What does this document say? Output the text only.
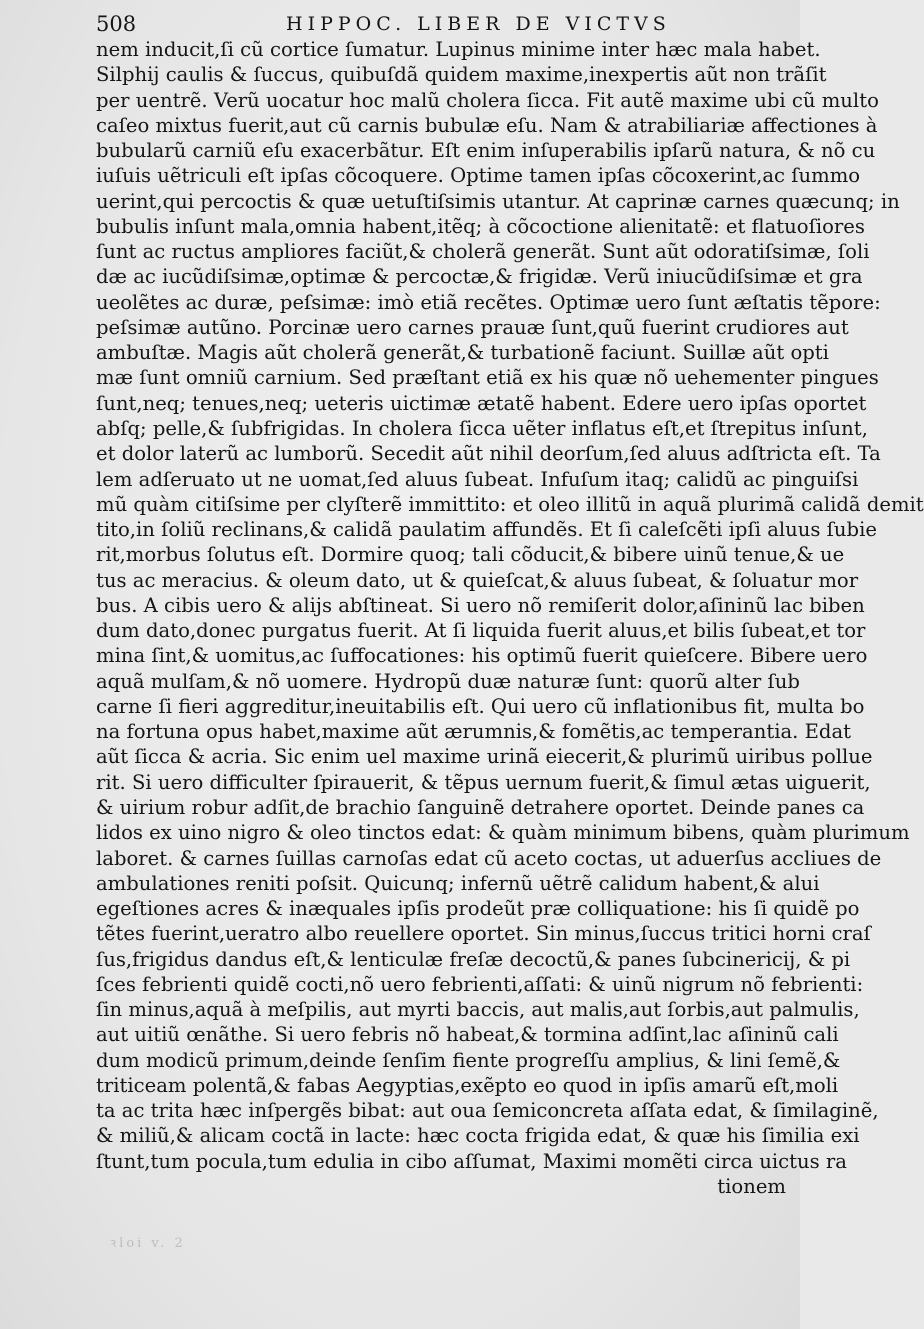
508	HIPPOC. LIBER DE VICTVS
nem inducit,ſi cũ cortice ſumatur. Lupinus minime inter hæc mala habet.
Silphij caulis & ſuccus, quibuſdã quidem maxime,inexpertis aũt non trãſit
per uentrẽ. Verũ uocatur hoc malũ cholera ſicca. Fit autẽ maxime ubi cũ multo
caſeo mixtus fuerit,aut cũ carnis bubulæ eſu. Nam & atrabiliariæ affectiones à
bubularũ carniũ eſu exacerbãtur. Eſt enim inſuperabilis ipſarũ natura, & nõ cu
iuſuis uẽtriculi eſt ipſas cõcoquere. Optime tamen ipſas cõcoxerint,ac ſummo
uerint,qui percoctis & quæ uetuſtiſsimis utantur. At caprinæ carnes quæcunq; in
bubulis inſunt mala,omnia habent,itẽq; à cõcoctione alienitatẽ: et flatuoſiores
ſunt ac ructus ampliores faciũt,& cholerã generãt. Sunt aũt odoratiſsimæ, ſoli
dæ ac iucũdiſsimæ,optimæ & percoctæ,& frigidæ. Verũ iniucũdiſsimæ et gra
ueolẽtes ac duræ, peſsimæ: imò etiã recẽtes. Optimæ uero ſunt æſtatis tẽpore:
peſsimæ autũno. Porcinæ uero carnes prauæ ſunt,quũ fuerint crudiores aut
ambuſtæ. Magis aũt cholerã generãt,& turbationẽ faciunt. Suillæ aũt opti
mæ ſunt omniũ carnium. Sed præſtant etiã ex his quæ nõ uehementer pingues
ſunt,neq; tenues,neq; ueteris uictimæ ætatẽ habent. Edere uero ipſas oportet
abſq; pelle,& ſubfrigidas. In cholera ſicca uẽter inflatus eſt,et ſtrepitus inſunt,
et dolor laterũ ac lumborũ. Secedit aũt nihil deorſum,ſed aluus adſtricta eſt. Ta
lem adſeruato ut ne uomat,ſed aluus ſubeat. Infuſum itaq; calidũ ac pinguiſsi
mũ quàm citiſsime per clyſterẽ immittito: et oleo illitũ in aquã plurimã calidã demit
tito,in ſoliũ reclinans,& calidã paulatim affundẽs. Et ſi caleſcẽti ipſi aluus ſubie
rit,morbus ſolutus eſt. Dormire quoq; tali cõducit,& bibere uinũ tenue,& ue
tus ac meracius. & oleum dato, ut & quieſcat,& aluus ſubeat, & ſoluatur mor
bus. A cibis uero & alijs abſtineat. Si uero nõ remiſerit dolor,aſininũ lac biben
dum dato,donec purgatus fuerit. At ſi liquida fuerit aluus,et bilis ſubeat,et tor
mina ſint,& uomitus,ac ſuffocationes: his optimũ fuerit quieſcere. Bibere uero
aquã mulſam,& nõ uomere. Hydropũ duæ naturæ ſunt: quorũ alter ſub
carne ſi fieri aggreditur,ineuitabilis eſt. Qui uero cũ inflationibus fit, multa bo
na fortuna opus habet,maxime aũt ærumnis,& fomẽtis,ac temperantia. Edat
aũt ſicca & acria. Sic enim uel maxime urinã eiecerit,& plurimũ uiribus pollue
rit. Si uero difficulter ſpirauerit, & tẽpus uernum fuerit,& ſimul ætas uiguerit,
& uirium robur adſit,de brachio ſanguinẽ detrahere oportet. Deinde panes ca
lidos ex uino nigro & oleo tinctos edat: & quàm minimum bibens, quàm plurimum
laboret. & carnes ſuillas carnoſas edat cũ aceto coctas, ut aduerſus accliues de
ambulationes reniti poſsit. Quicunq; infernũ uẽtrẽ calidum habent,& alui
egeſtiones acres & inæquales ipſis prodeũt præ colliquatione: his ſi quidẽ po
tẽtes fuerint,ueratro albo reuellere oportet. Sin minus,ſuccus tritici horni craſ
ſus,frigidus dandus eſt,& lenticulæ freſæ decoctũ,& panes ſubcinericij, & pi
ſces febrienti quidẽ cocti,nõ uero febrienti,aſſati: & uinũ nigrum nõ febrienti:
ſin minus,aquã à meſpilis, aut myrti baccis, aut malis,aut ſorbis,aut palmulis,
aut uitiũ œnãthe. Si uero febris nõ habeat,& tormina adſint,lac aſininũ cali
dum modicũ primum,deinde ſenſim fiente progreſſu amplius, & lini ſemẽ,&
triticeam polentã,& fabas Aegyptias,exẽpto eo quod in ipſis amarũ eſt,moli
ta ac trita hæc inſpergẽs bibat: aut oua ſemiconcreta aſſata edat, & ſimilaginẽ,
& miliũ,& alicam coctã in lacte: hæc cocta frigida edat, & quæ his ſimilia exi
ſtunt,tum pocula,tum edulia in cibo aſſumat, Maximi momẽti circa uictus ra
tionem
ꝛloi v. 2
